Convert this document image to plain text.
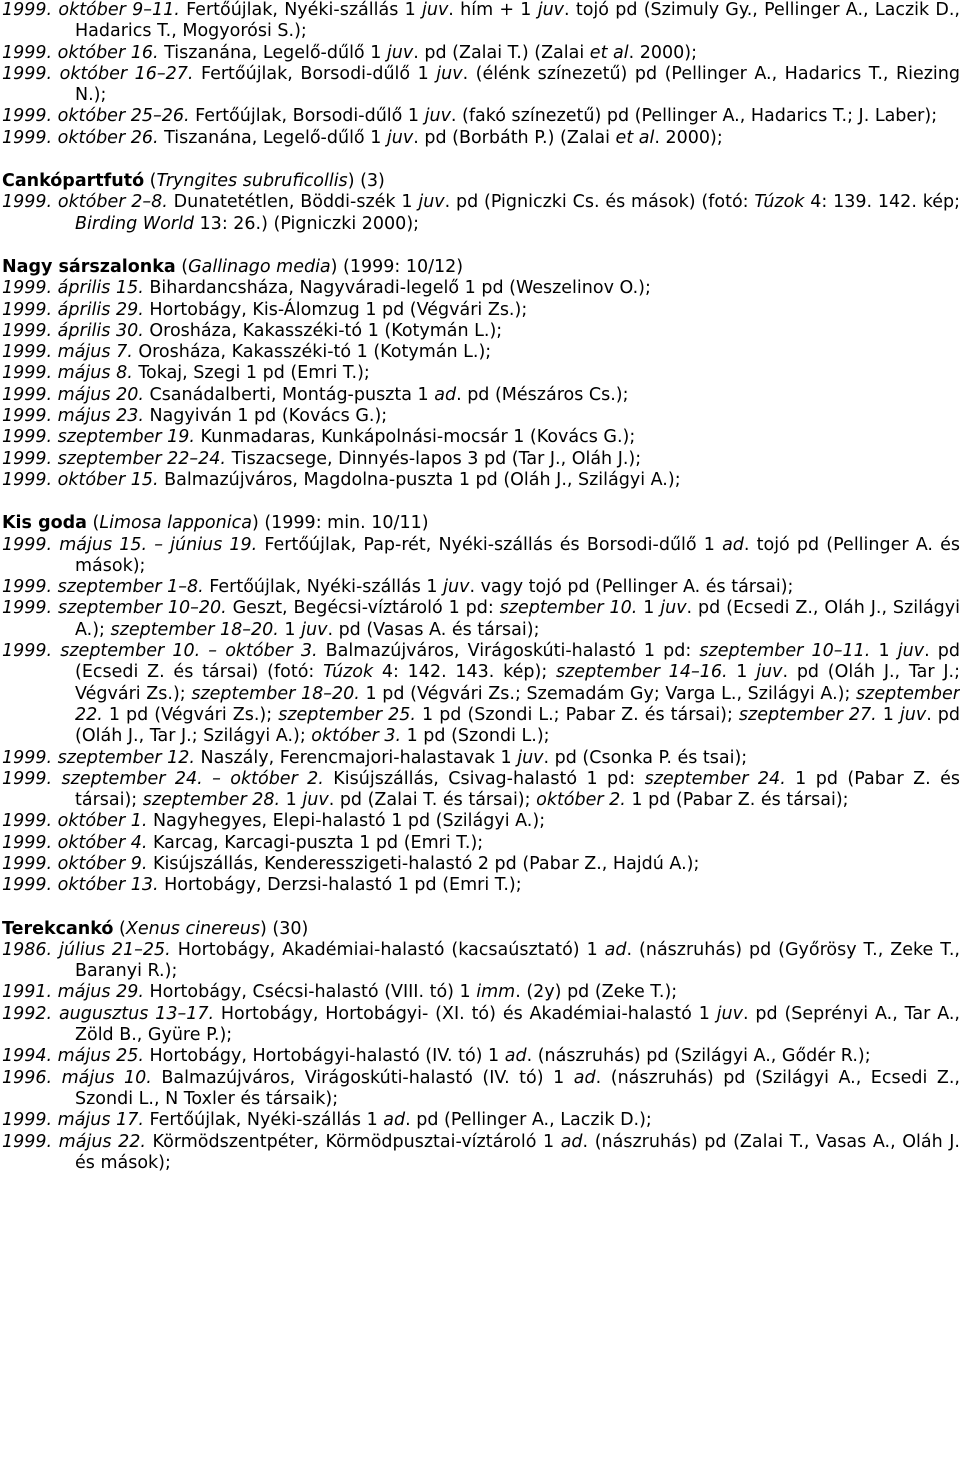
1999. október 9–11. Fertőújlak, Nyéki-szállás 1 juv. hím + 1 juv. tojó pd (Szimuly Gy., Pellinger A., Laczik D., Hadarics T., Mogyorósi S.);

1999. október 16. Tiszanána, Legelő-dűlő 1 juv. pd (Zalai T.) (Zalai et al. 2000);

1999. október 16–27. Fertőújlak, Borsodi-dűlő 1 juv. (élénk színezetű) pd (Pellinger A., Hadarics T., Riezing N.);

1999. október 25–26. Fertőújlak, Borsodi-dűlő 1 juv. (fakó színezetű) pd (Pellinger A., Hadarics T.; J. Laber);

1999. október 26. Tiszanána, Legelő-dűlő 1 juv. pd (Borbáth P.) (Zalai et al. 2000);

Cankópartfutó (Tryngites subruficollis) (3)

1999. október 2–8. Dunatetétlen, Böddi-szék 1 juv. pd (Pigniczki Cs. és mások) (fotó: Túzok 4: 139. 142. kép; Birding World 13: 26.) (Pigniczki 2000);

Nagy sárszalonka (Gallinago media) (1999: 10/12)

1999. április 15. Bihardancsháza, Nagyváradi-legelő 1 pd (Weszelinov O.);

1999. április 29. Hortobágy, Kis-Álomzug 1 pd (Végvári Zs.);

1999. április 30. Orosháza, Kakasszéki-tó 1 (Kotymán L.);

1999. május 7. Orosháza, Kakasszéki-tó 1 (Kotymán L.);

1999. május 8. Tokaj, Szegi 1 pd (Emri T.);

1999. május 20. Csanádalberti, Montág-puszta 1 ad. pd (Mészáros Cs.);

1999. május 23. Nagyiván 1 pd (Kovács G.);

1999. szeptember 19. Kunmadaras, Kunkápolnási-mocsár 1 (Kovács G.);

1999. szeptember 22–24. Tiszacsege, Dinnyés-lapos 3 pd (Tar J., Oláh J.);

1999. október 15. Balmazújváros, Magdolna-puszta 1 pd (Oláh J., Szilágyi A.);

Kis goda (Limosa lapponica) (1999: min. 10/11)

1999. május 15. – június 19. Fertőújlak, Pap-rét, Nyéki-szállás és Borsodi-dűlő 1 ad. tojó pd (Pellinger A. és mások);

1999. szeptember 1–8. Fertőújlak, Nyéki-szállás 1 juv. vagy tojó pd (Pellinger A. és társai);

1999. szeptember 10–20. Geszt, Begécsi-víztároló 1 pd: szeptember 10. 1 juv. pd (Ecsedi Z., Oláh J., Szilágyi A.); szeptember 18–20. 1 juv. pd (Vasas A. és társai);

1999. szeptember 10. – október 3. Balmazújváros, Virágoskúti-halastó 1 pd: szeptember 10–11. 1 juv. pd (Ecsedi Z. és társai) (fotó: Túzok 4: 142. 143. kép); szeptember 14–16. 1 juv. pd (Oláh J., Tar J.; Végvári Zs.); szeptember 18–20. 1 pd (Végvári Zs.; Szemadám Gy; Varga L., Szilágyi A.); szeptember 22. 1 pd (Végvári Zs.); szeptember 25. 1 pd (Szondi L.; Pabar Z. és társai); szeptember 27. 1 juv. pd (Oláh J., Tar J.; Szilágyi A.); október 3. 1 pd (Szondi L.);

1999. szeptember 12. Naszály, Ferencmajori-halastavak 1 juv. pd (Csonka P. és tsai);

1999. szeptember 24. – október 2. Kisújszállás, Csivag-halastó 1 pd: szeptember 24. 1 pd (Pabar Z. és társai); szeptember 28. 1 juv. pd (Zalai T. és társai); október 2. 1 pd (Pabar Z. és társai);

1999. október 1. Nagyhegyes, Elepi-halastó 1 pd (Szilágyi A.);

1999. október 4. Karcag, Karcagi-puszta 1 pd (Emri T.);

1999. október 9. Kisújszállás, Kenderesszigeti-halastó 2 pd (Pabar Z., Hajdú A.);

1999. október 13. Hortobágy, Derzsi-halastó 1 pd (Emri T.);

Terekcankó (Xenus cinereus) (30)

1986. július 21–25. Hortobágy, Akadémiai-halastó (kacsaúsztató) 1 ad. (nászruhás) pd (Győrösy T., Zeke T., Baranyi R.);

1991. május 29. Hortobágy, Csécsi-halastó (VIII. tó) 1 imm. (2y) pd (Zeke T.);

1992. augusztus 13–17. Hortobágy, Hortobágyi- (XI. tó) és Akadémiai-halastó 1 juv. pd (Seprényi A., Tar A., Zöld B., Gyüre P.);

1994. május 25. Hortobágy, Hortobágyi-halastó (IV. tó) 1 ad. (nászruhás) pd (Szilágyi A., Gődér R.);

1996. május 10. Balmazújváros, Virágoskúti-halastó (IV. tó) 1 ad. (nászruhás) pd (Szilágyi A., Ecsedi Z., Szondi L., N Toxler és társaik);

1999. május 17. Fertőújlak, Nyéki-szállás 1 ad. pd (Pellinger A., Laczik D.);

1999. május 22. Körmödszentpéter, Körmödpusztai-víztároló 1 ad. (nászruhás) pd (Zalai T., Vasas A., Oláh J. és mások);
